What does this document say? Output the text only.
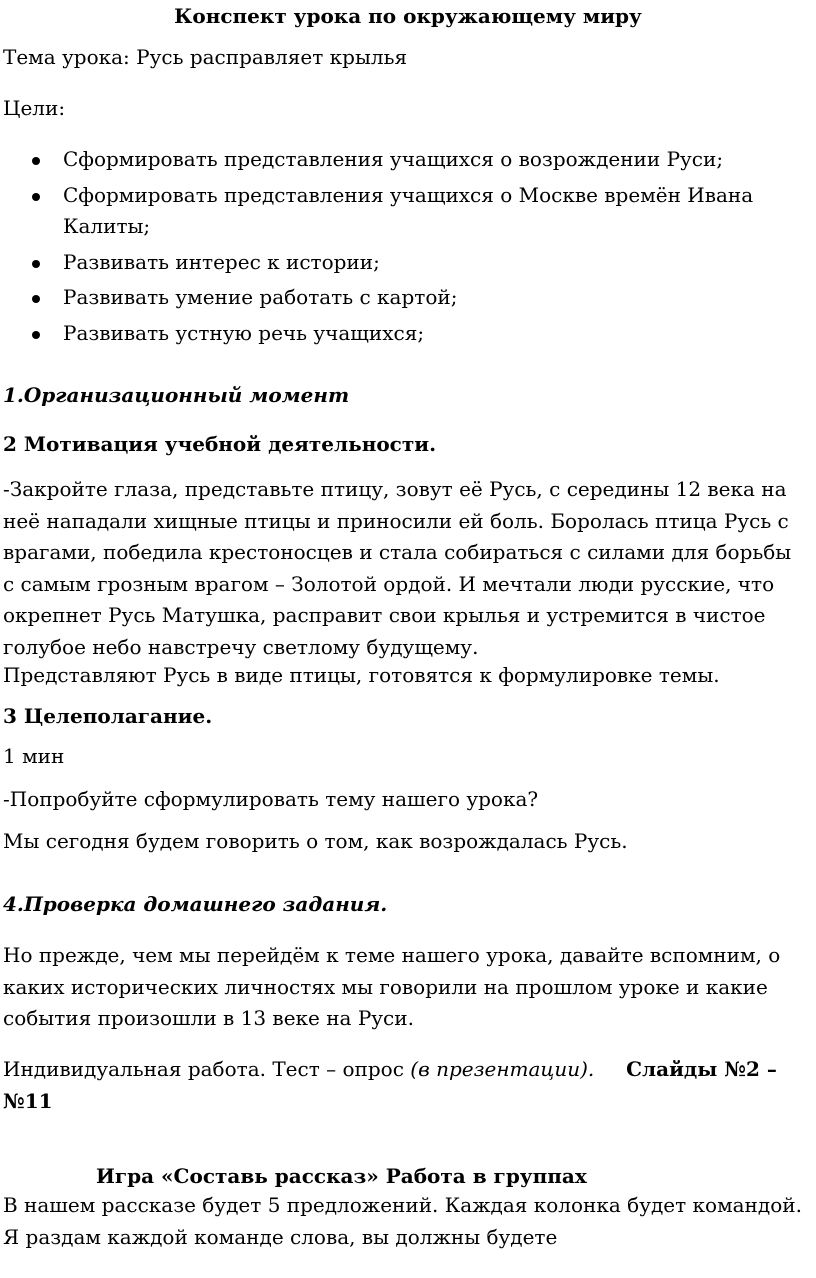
Конспект урока по окружающему миру

Тема урока: Русь расправляет крылья

Цели:

Сформировать представления учащихся о возрождении Руси;
Сформировать представления учащихся о Москве времён Ивана Калиты;
Развивать интерес к истории;
Развивать умение работать с картой;
Развивать устную речь учащихся;

1.Организационный момент

2 Мотивация учебной деятельности.

-Закройте глаза, представьте птицу, зовут её Русь, с середины 12 века на неё нападали хищные птицы и приносили ей боль. Боролась птица Русь с врагами, победила крестоносцев и стала собираться с силами для борьбы с самым грозным врагом – Золотой ордой. И мечтали люди русские, что окрепнет Русь Матушка, расправит свои крылья и устремится в чистое голубое небо навстречу светлому будущему.

Представляют Русь в виде птицы, готовятся к формулировке темы.

3 Целеполагание.

1 мин

-Попробуйте сформулировать тему нашего урока?

Мы сегодня будем говорить о том, как возрождалась Русь.

4.Проверка домашнего задания.

Но прежде, чем мы перейдём к теме нашего урока, давайте вспомним, о каких исторических личностях мы говорили на прошлом уроке и какие события произошли в 13 веке на Руси.

Индивидуальная работа. Тест – опрос (в презентации). Слайды №2 – №11

Игра «Составь рассказ» Работа в группах

В нашем рассказе будет 5 предложений. Каждая колонка будет командой. Я раздам каждой команде слова, вы должны будете
